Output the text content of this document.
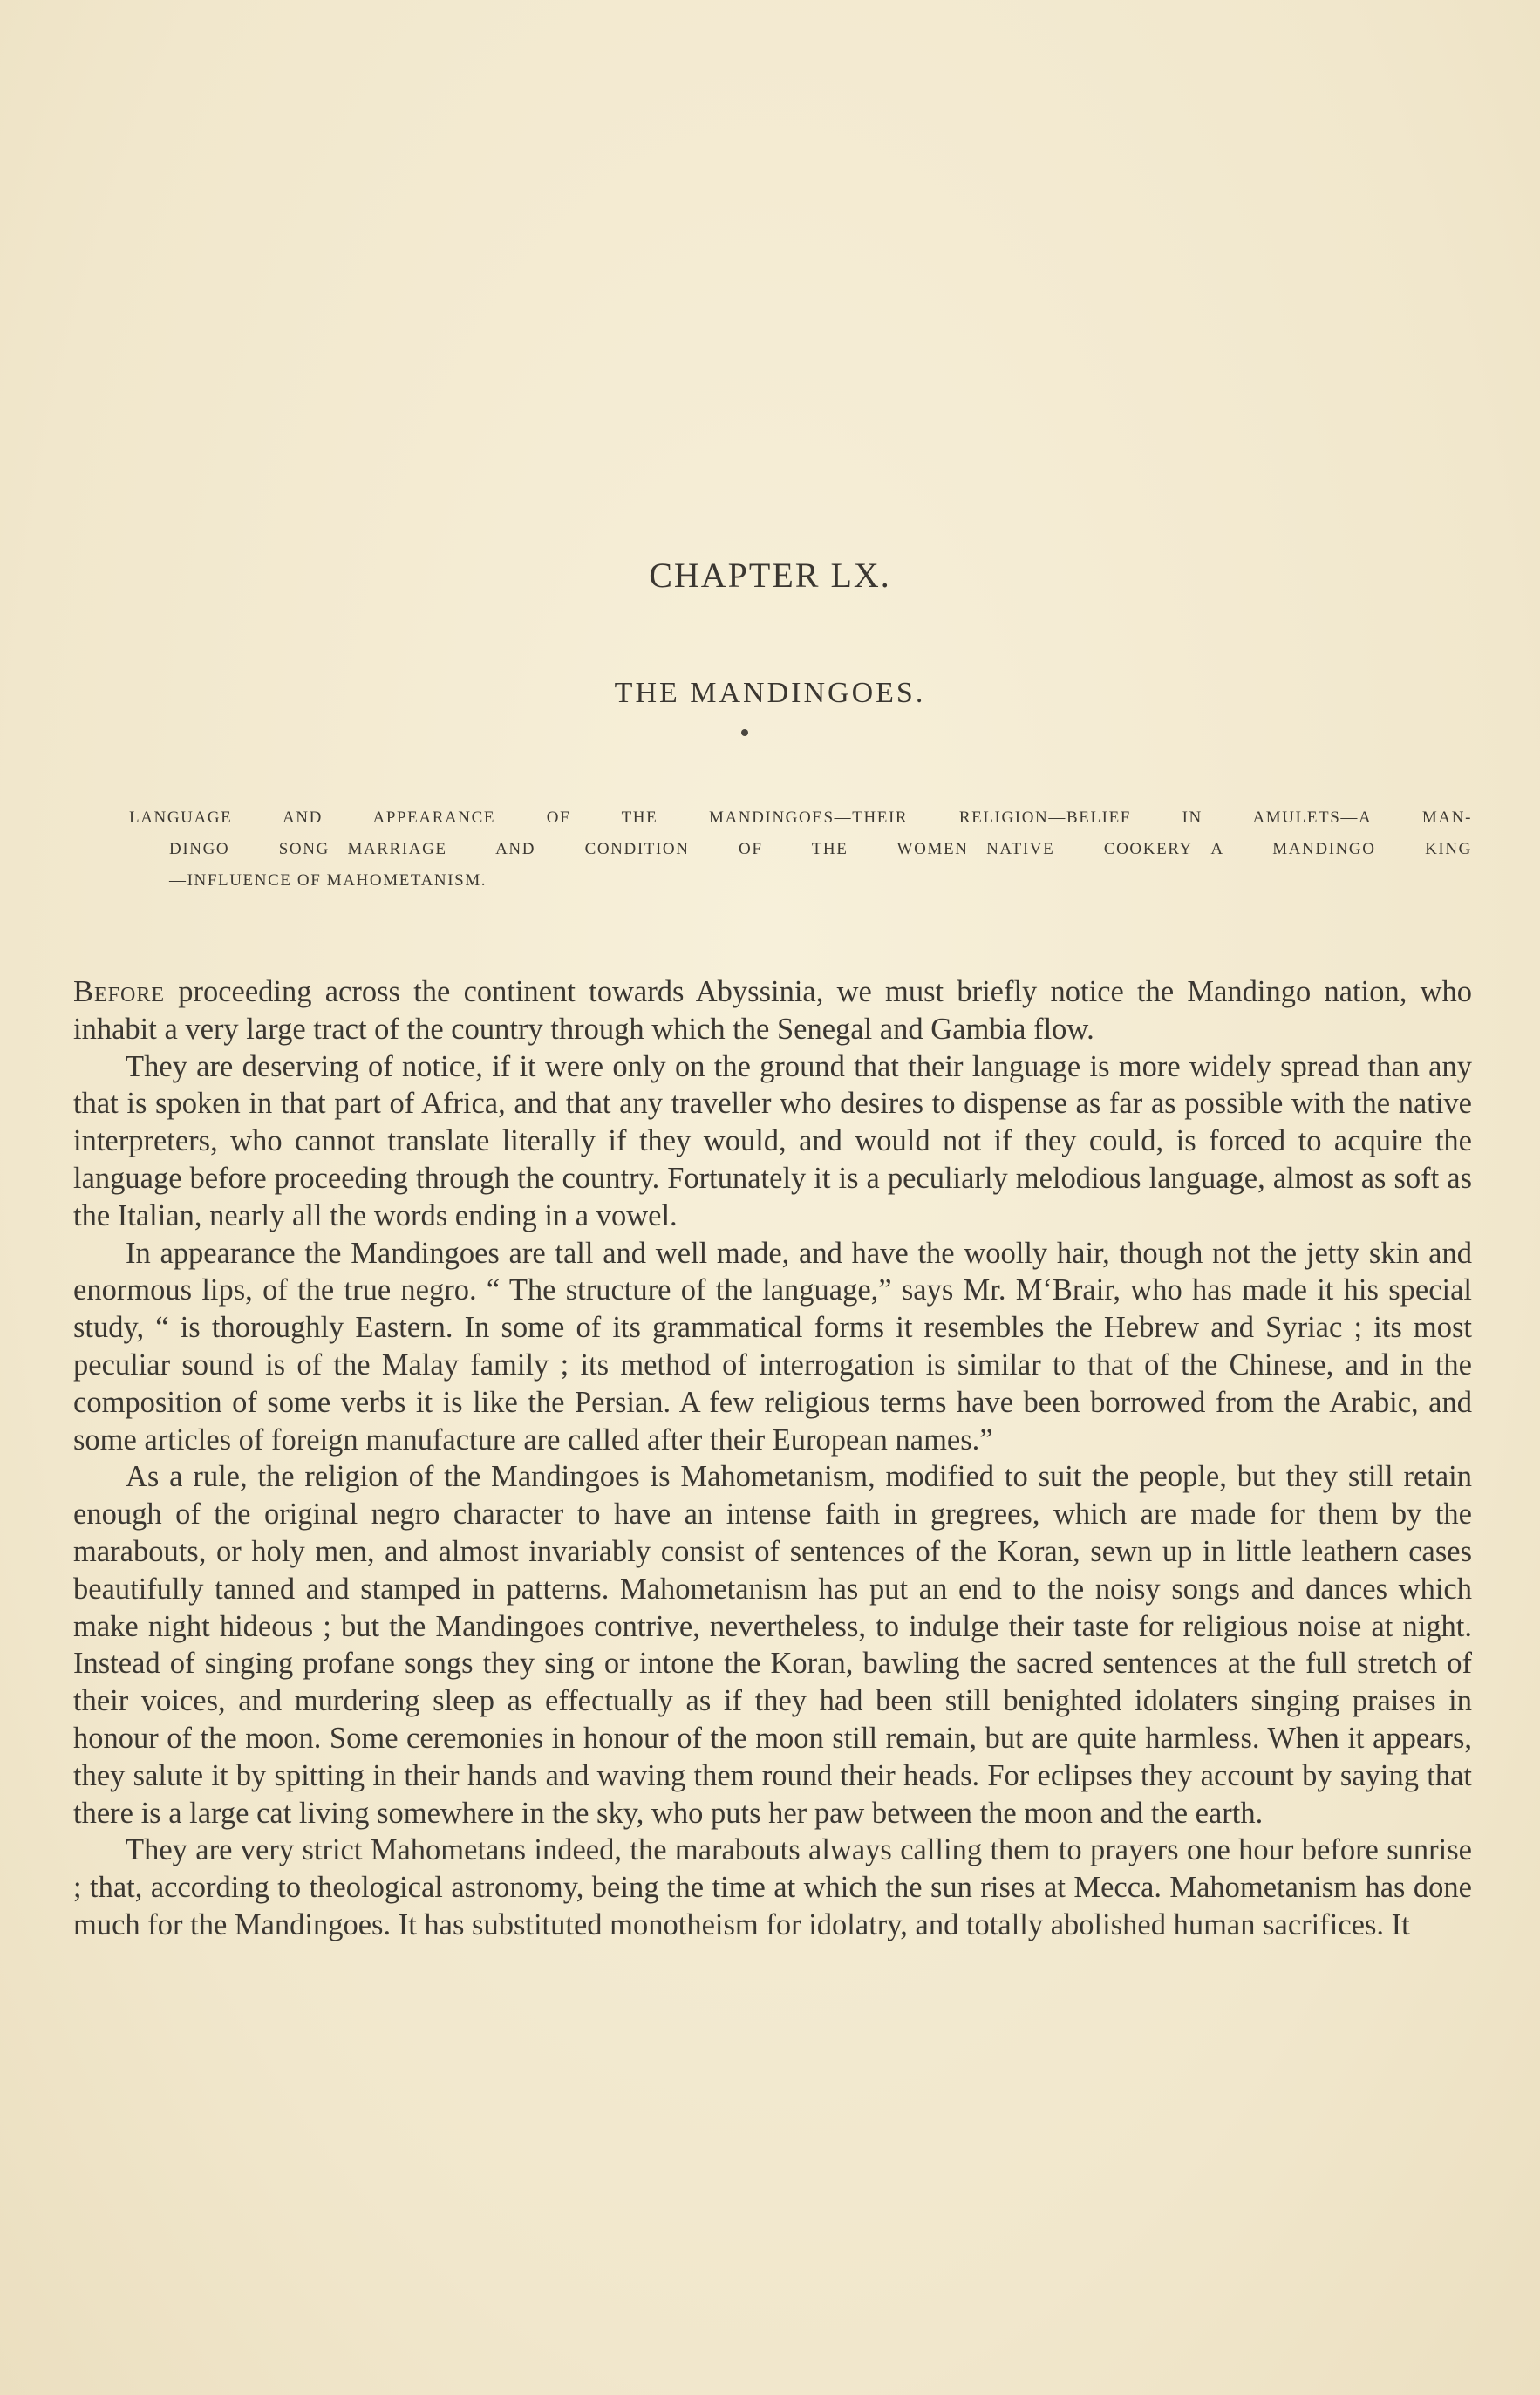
CHAPTER LX.
THE MANDINGOES.
LANGUAGE AND APPEARANCE OF THE MANDINGOES—THEIR RELIGION—BELIEF IN AMULETS—A MAN-
DINGO SONG—MARRIAGE AND CONDITION OF THE WOMEN—NATIVE COOKERY—A MANDINGO KING
—INFLUENCE OF MAHOMETANISM.

Before proceeding across the continent towards Abyssinia, we must briefly notice the Mandingo nation, who inhabit a very large tract of the country through which the Senegal and Gambia flow.

They are deserving of notice, if it were only on the ground that their language is more widely spread than any that is spoken in that part of Africa, and that any traveller who desires to dispense as far as possible with the native interpreters, who cannot translate literally if they would, and would not if they could, is forced to acquire the language before proceeding through the country. Fortunately it is a peculiarly melodious language, almost as soft as the Italian, nearly all the words ending in a vowel.

In appearance the Mandingoes are tall and well made, and have the woolly hair, though not the jetty skin and enormous lips, of the true negro. “ The structure of the language,” says Mr. M‘Brair, who has made it his special study, “ is thoroughly Eastern. In some of its grammatical forms it resembles the Hebrew and Syriac ; its most peculiar sound is of the Malay family ; its method of interrogation is similar to that of the Chinese, and in the composition of some verbs it is like the Persian. A few religious terms have been borrowed from the Arabic, and some articles of foreign manufacture are called after their European names.”

As a rule, the religion of the Mandingoes is Mahometanism, modified to suit the people, but they still retain enough of the original negro character to have an intense faith in gregrees, which are made for them by the marabouts, or holy men, and almost invariably consist of sentences of the Koran, sewn up in little leathern cases beautifully tanned and stamped in patterns. Mahometanism has put an end to the noisy songs and dances which make night hideous ; but the Mandingoes contrive, nevertheless, to indulge their taste for religious noise at night. Instead of singing profane songs they sing or intone the Koran, bawling the sacred sentences at the full stretch of their voices, and murdering sleep as effectually as if they had been still benighted idolaters singing praises in honour of the moon. Some ceremonies in honour of the moon still remain, but are quite harmless. When it appears, they salute it by spitting in their hands and waving them round their heads. For eclipses they account by saying that there is a large cat living somewhere in the sky, who puts her paw between the moon and the earth.

They are very strict Mahometans indeed, the marabouts always calling them to prayers one hour before sunrise ; that, according to theological astronomy, being the time at which the sun rises at Mecca. Mahometanism has done much for the Mandingoes. It has substituted monotheism for idolatry, and totally abolished human sacrifices. It
